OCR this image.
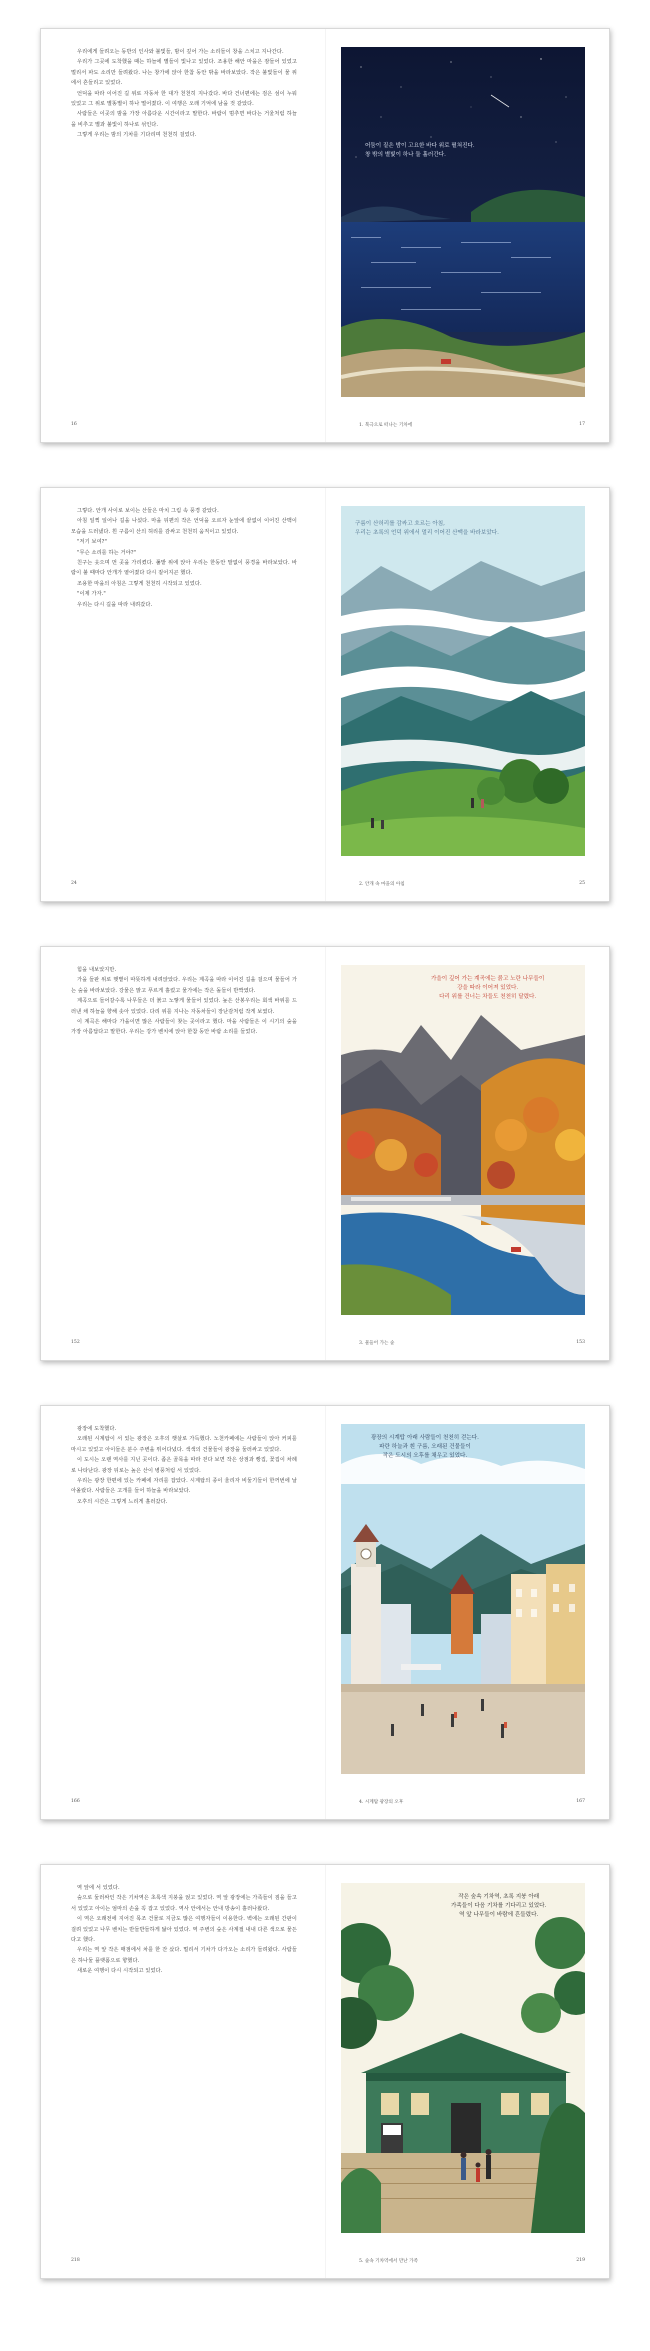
우리에게 들려오는 동반의 인사와 불빛들, 밤이 깊어 가는 소리들이 창을 스치고 지나간다.

우리가 그곳에 도착했을 때는 하늘에 별들이 빛나고 있었다. 조용한 해안 마을은 잠들어 있었고 멀리서 파도 소리만 들려왔다. 나는 창가에 앉아 한참 동안 밖을 바라보았다. 작은 불빛들이 물 위에서 흔들리고 있었다.

언덕을 따라 이어진 길 위로 자동차 한 대가 천천히 지나갔다. 바다 건너편에는 검은 섬이 누워 있었고 그 위로 별똥별이 하나 떨어졌다. 이 여행은 오래 기억에 남을 것 같았다.

사람들은 이곳의 밤을 가장 아름다운 시간이라고 말한다. 바람이 멈추면 바다는 거울처럼 하늘을 비추고 별과 불빛이 하나로 섞인다.

그렇게 우리는 밤의 기차를 기다리며 천천히 걸었다.

어둠이 짙은 밤이 고요한 바다 위로 펼쳐진다.
창 밖의 별빛이 하나 둘 흘러간다.
16	1. 북극으로 떠나는 기차에	17

그렇다. 안개 사이로 보이는 산들은 마치 그림 속 풍경 같았다.

아침 일찍 일어나 길을 나섰다. 마을 뒤편의 작은 언덕을 오르자 눈앞에 끝없이 이어진 산맥이 모습을 드러냈다. 흰 구름이 산의 허리를 감싸고 천천히 움직이고 있었다.

"저기 보여?"

"무슨 소리를 하는 거야?"

친구는 웃으며 먼 곳을 가리켰다. 풀밭 위에 앉아 우리는 한동안 말없이 풍경을 바라보았다. 바람이 불 때마다 안개가 옅어졌다 다시 짙어지곤 했다.

조용한 마을의 아침은 그렇게 천천히 시작되고 있었다.

"이제 가자."

우리는 다시 길을 따라 내려갔다.

구름이 산허리를 감싸고 흐르는 아침,
우리는 초록의 언덕 위에서 멀리 이어진 산맥을 바라보았다.
24	2. 안개 속 마을의 아침	25

힘을 내보았지만.

가을 들판 위로 햇볕이 따뜻하게 내려앉았다. 우리는 계곡을 따라 이어진 길을 걸으며 물들어 가는 숲을 바라보았다. 강물은 맑고 푸르게 흘렀고 물가에는 작은 돌들이 반짝였다.

계곡으로 들어갈수록 나무들은 더 붉고 노랗게 물들어 있었다. 높은 산봉우리는 회색 바위를 드러낸 채 하늘을 향해 솟아 있었다. 다리 위를 지나는 자동차들이 장난감처럼 작게 보였다.

이 계곡은 해마다 가을이면 많은 사람들이 찾는 곳이라고 했다. 마을 사람들은 이 시기의 숲을 가장 아름답다고 말한다. 우리는 강가 벤치에 앉아 한참 동안 바람 소리를 들었다.

가을이 깊어 가는 계곡에는 붉고 노란 나무들이
강을 따라 이어져 있었다.
다리 위를 건너는 차들도 천천히 달렸다.
152	3. 물들어 가는 숲	153

광장에 도착했다.

오래된 시계탑이 서 있는 광장은 오후의 햇살로 가득했다. 노천카페에는 사람들이 앉아 커피를 마시고 있었고 아이들은 분수 주변을 뛰어다녔다. 색색의 건물들이 광장을 둘러싸고 있었다.

이 도시는 오랜 역사를 지닌 곳이다. 좁은 골목을 따라 걷다 보면 작은 상점과 빵집, 꽃집이 차례로 나타난다. 광장 뒤로는 높은 산이 병풍처럼 서 있었다.

우리는 광장 한편에 있는 카페에 자리를 잡았다. 시계탑의 종이 울리자 비둘기들이 한꺼번에 날아올랐다. 사람들은 고개를 들어 하늘을 바라보았다.

오후의 시간은 그렇게 느리게 흘러갔다.

광장의 시계탑 아래 사람들이 천천히 걷는다.
파란 하늘과 흰 구름, 오래된 건물들이
작은 도시의 오후를 채우고 있었다.
166	4. 시계탑 광장의 오후	167

역 앞에 서 있었다.

숲으로 둘러싸인 작은 기차역은 초록색 지붕을 얹고 있었다. 역 앞 광장에는 가족들이 짐을 들고 서 있었고 아이는 엄마의 손을 꼭 잡고 있었다. 역사 안에서는 안내 방송이 흘러나왔다.

이 역은 오래전에 지어진 목조 건물로 지금도 많은 여행자들이 이용한다. 벽에는 오래된 간판이 걸려 있었고 나무 벤치는 반들반들하게 닳아 있었다. 역 주변의 숲은 사계절 내내 다른 색으로 물든다고 했다.

우리는 역 앞 작은 매점에서 차를 한 잔 샀다. 멀리서 기차가 다가오는 소리가 들려왔다. 사람들은 하나둘 플랫폼으로 향했다.

새로운 여행이 다시 시작되고 있었다.

작은 숲속 기차역, 초록 지붕 아래
가족들이 다음 기차를 기다리고 있었다.
역 앞 나무들이 바람에 흔들렸다.
218	5. 숲속 기차역에서 만난 가족	219
